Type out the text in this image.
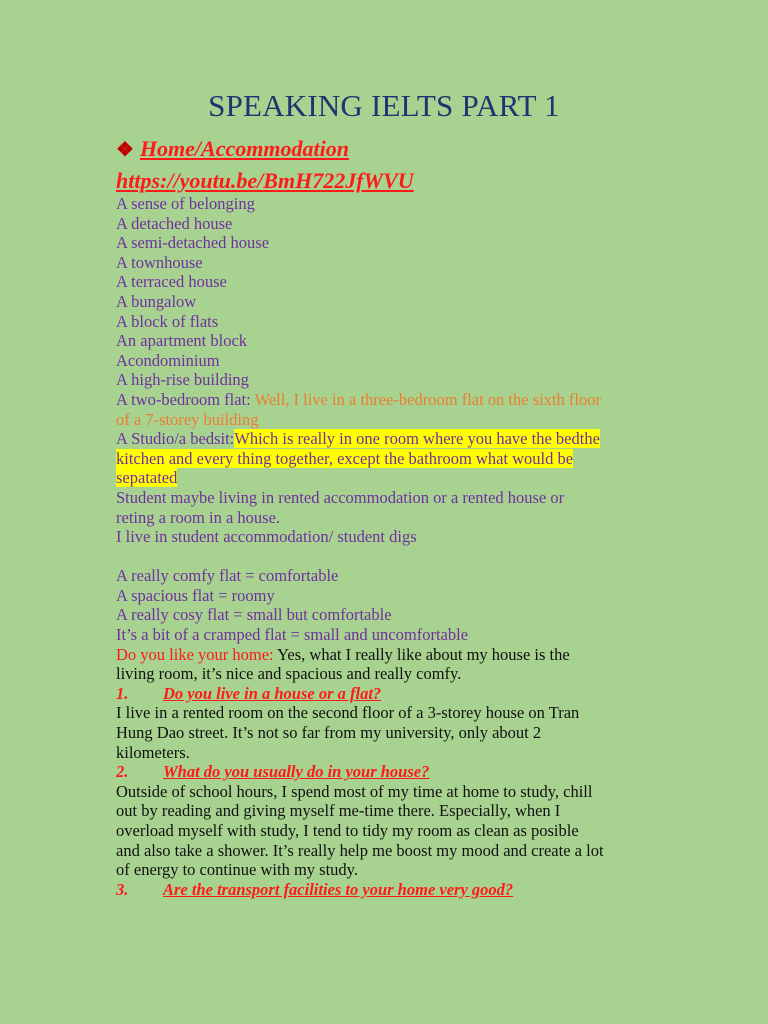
SPEAKING IELTS PART 1
❖ Home/Accommodation
https://youtu.be/BmH722JfWVU
A sense of belonging
A detached house
A semi-detached house
A townhouse
A terraced house
A bungalow
A block of flats
An apartment block
Acondominium
A high-rise building
A two-bedroom flat: Well, I live in a three-bedroom flat on the sixth floor
of a 7-storey building
A Studio/a bedsit:Which is really in one room where you have the bedthe
kitchen and every thing together, except the bathroom what would be
sepatated
Student maybe living in rented accommodation or a rented house or
reting a room in a house.
I live in student accommodation/ student digs
A really comfy flat = comfortable
A spacious flat = roomy
A really cosy flat = small but comfortable
It’s a bit of a cramped flat = small and uncomfortable
Do you like your home: Yes, what I really like about my house is the
living room, it’s nice and spacious and really comfy.
1. Do you live in a house or a flat?
I live in a rented room on the second floor of a 3-storey house on Tran
Hung Dao street. It’s not so far from my university, only about 2
kilometers.
2. What do you usually do in your house?
Outside of school hours, I spend most of my time at home to study, chill
out by reading and giving myself me-time there. Especially, when I
overload myself with study, I tend to tidy my room as clean as posible
and also take a shower. It’s really help me boost my mood and create a lot
of energy to continue with my study.
3. Are the transport facilities to your home very good?
